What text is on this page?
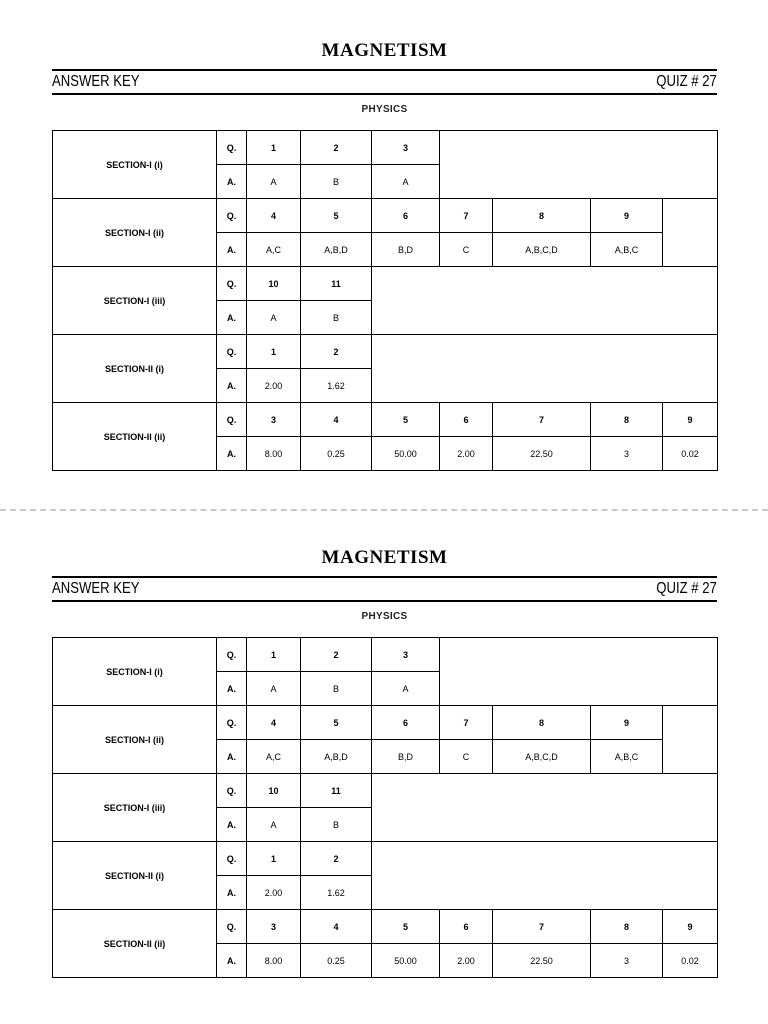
MAGNETISM
ANSWER KEY	QUIZ # 27
PHYSICS
SECTION-I (i)	Q.	1	2	3				
	A.	A	B	A				
SECTION-I (ii)	Q.	4	5	6	7	8	9	
	A.	A,C	A,B,D	B,D	C	A,B,C,D	A,B,C	
SECTION-I (iii)	Q.	10	11					
	A.	A	B					
SECTION-II (i)	Q.	1	2					
	A.	2.00	1.62					
SECTION-II (ii)	Q.	3	4	5	6	7	8	9
	A.	8.00	0.25	50.00	2.00	22.50	3	0.02
MAGNETISM
ANSWER KEY	QUIZ # 27
PHYSICS
SECTION-I (i)	Q.	1	2	3				
	A.	A	B	A				
SECTION-I (ii)	Q.	4	5	6	7	8	9	
	A.	A,C	A,B,D	B,D	C	A,B,C,D	A,B,C	
SECTION-I (iii)	Q.	10	11					
	A.	A	B					
SECTION-II (i)	Q.	1	2					
	A.	2.00	1.62					
SECTION-II (ii)	Q.	3	4	5	6	7	8	9
	A.	8.00	0.25	50.00	2.00	22.50	3	0.02
